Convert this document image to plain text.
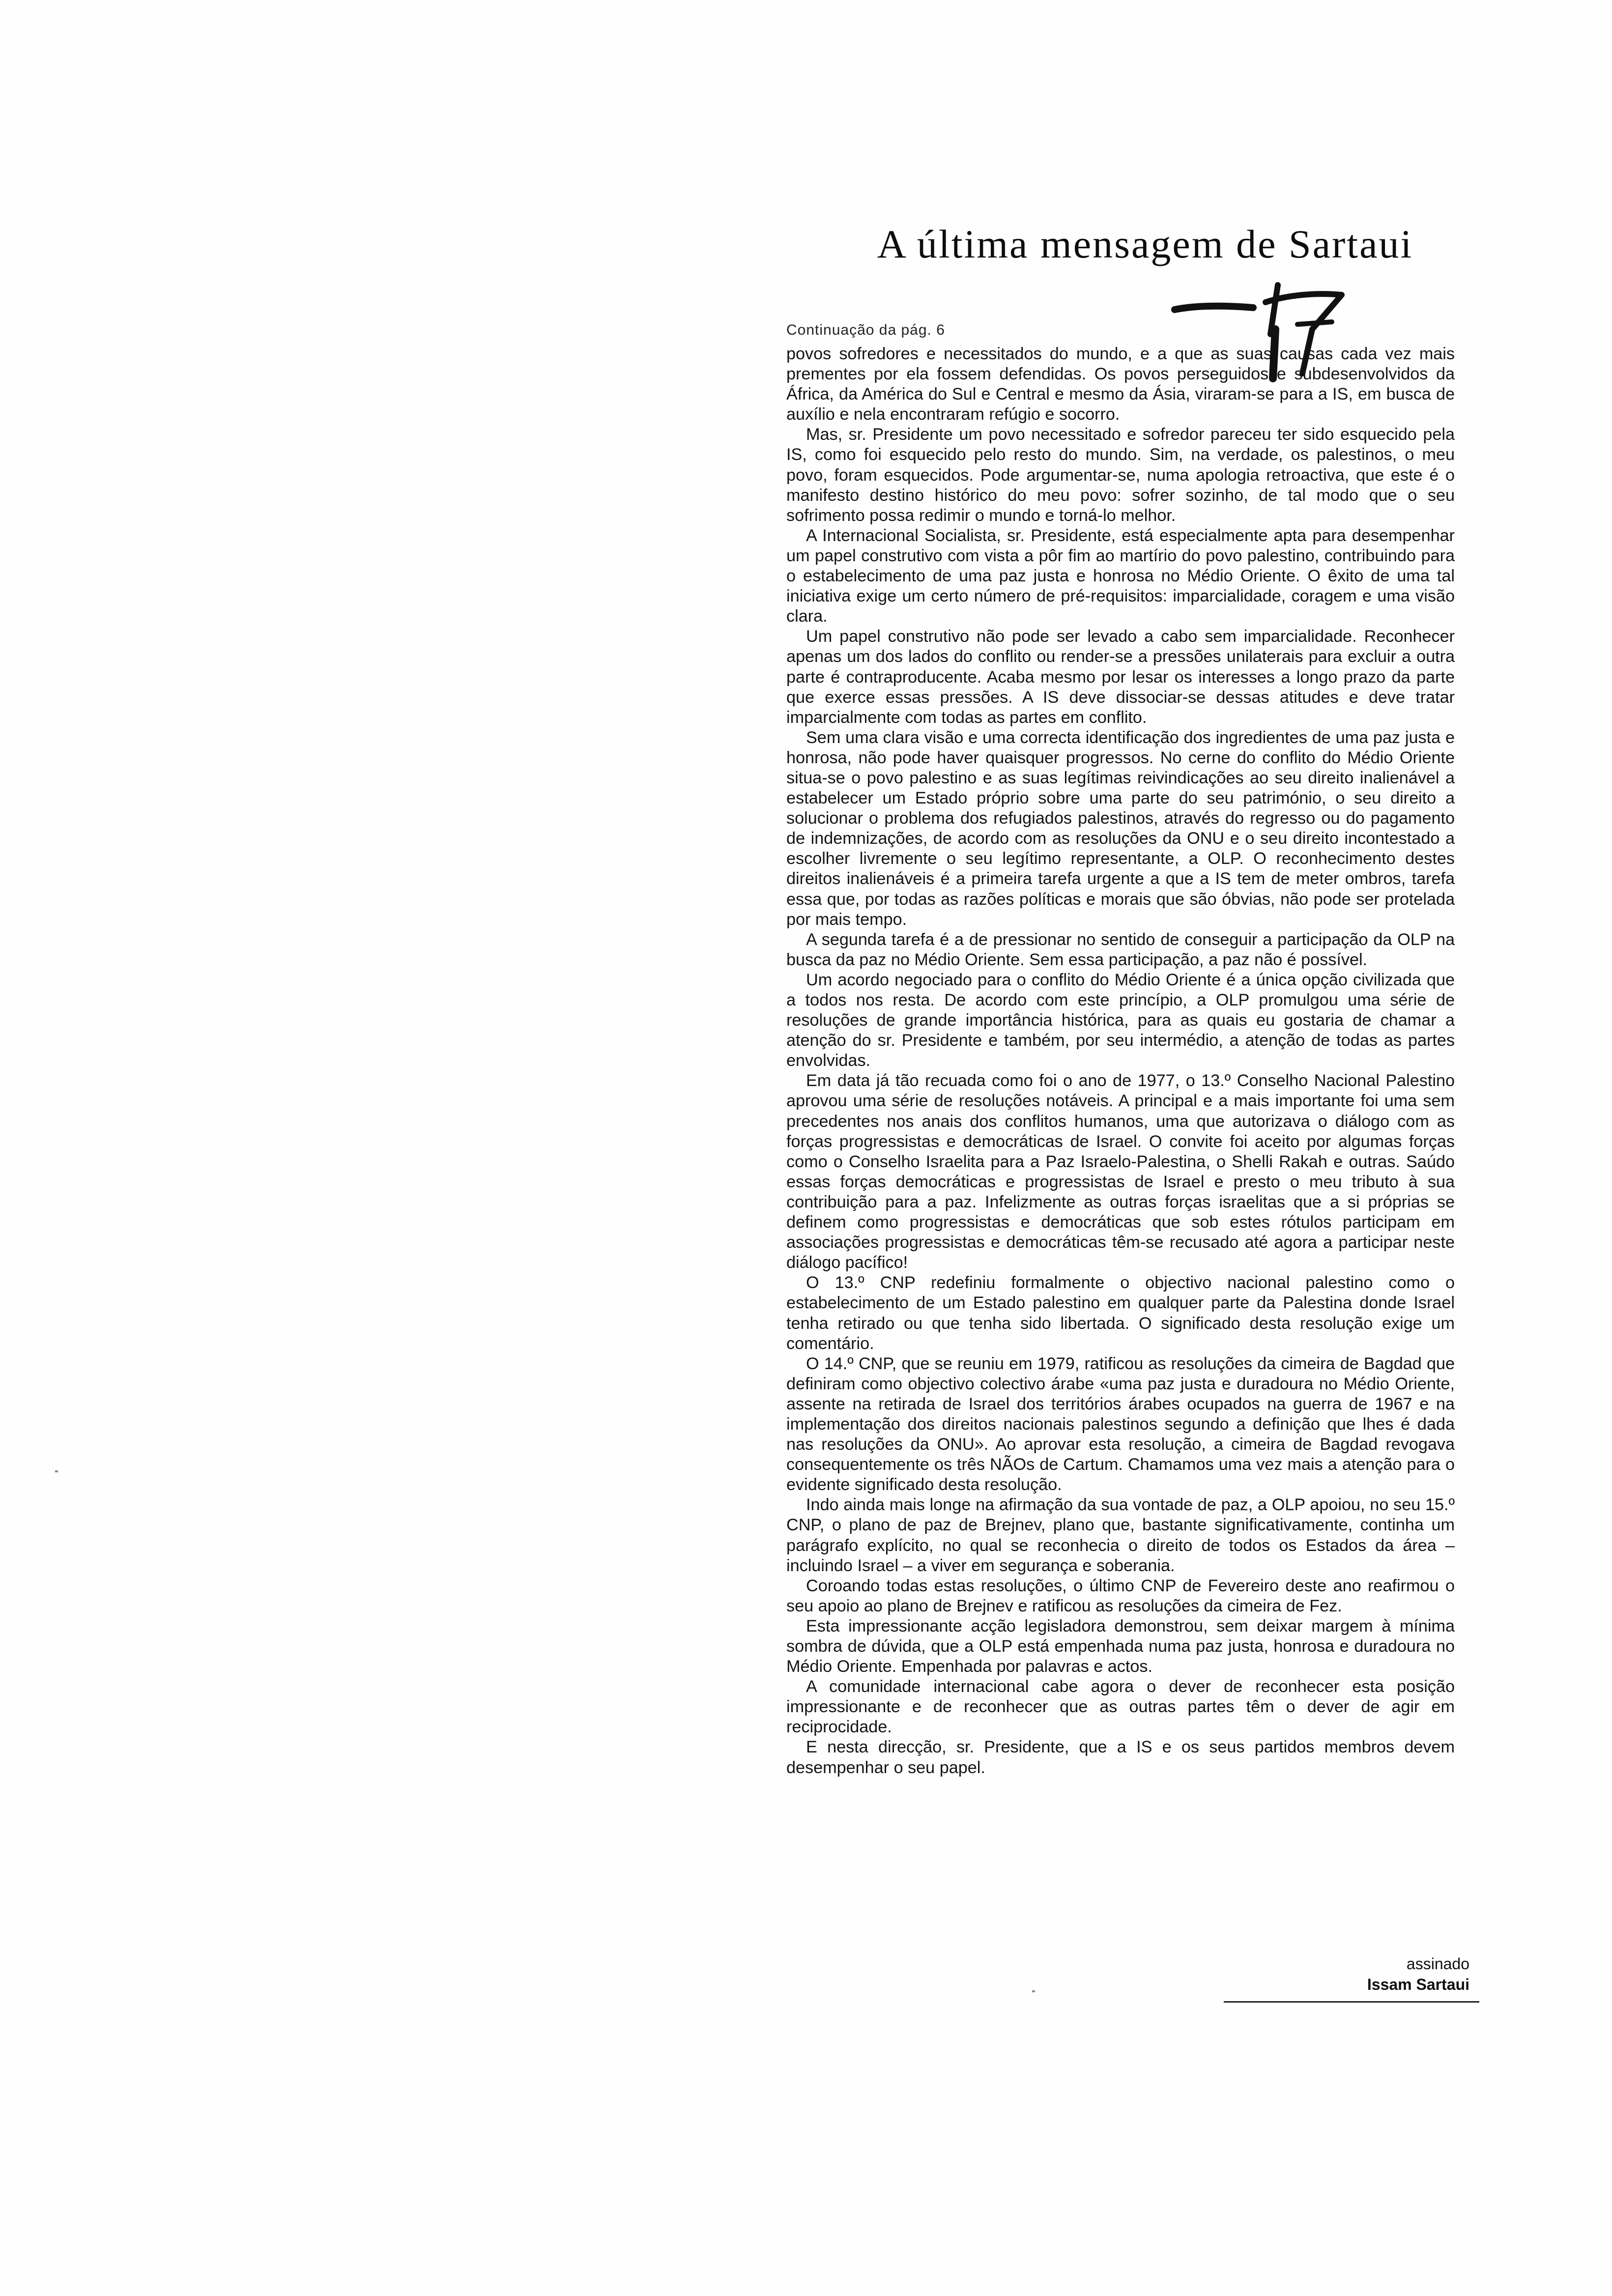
A última mensagem de Sartaui
Continuação da pág. 6

povos sofredores e necessitados do mundo, e a que as suas causas cada vez mais prementes por ela fossem defendidas. Os povos perseguidos e subdesenvolvidos da África, da América do Sul e Central e mesmo da Ásia, viraram-se para a IS, em busca de auxílio e nela encontraram refúgio e socorro.

Mas, sr. Presidente um povo necessitado e sofredor pareceu ter sido esquecido pela IS, como foi esquecido pelo resto do mundo. Sim, na verdade, os palestinos, o meu povo, foram esquecidos. Pode argumentar-se, numa apologia retroactiva, que este é o manifesto destino histórico do meu povo: sofrer sozinho, de tal modo que o seu sofrimento possa redimir o mundo e torná-lo melhor.

A Internacional Socialista, sr. Presidente, está especialmente apta para desempenhar um papel construtivo com vista a pôr fim ao martírio do povo palestino, contribuindo para o estabelecimento de uma paz justa e honrosa no Médio Oriente. O êxito de uma tal iniciativa exige um certo número de pré-requisitos: imparcialidade, coragem e uma visão clara.

Um papel construtivo não pode ser levado a cabo sem imparcialidade. Reconhecer apenas um dos lados do conflito ou render-se a pressões unilaterais para excluir a outra parte é contraproducente. Acaba mesmo por lesar os interesses a longo prazo da parte que exerce essas pressões. A IS deve dissociar-se dessas atitudes e deve tratar imparcialmente com todas as partes em conflito.

Sem uma clara visão e uma correcta identificação dos ingredientes de uma paz justa e honrosa, não pode haver quaisquer progressos. No cerne do conflito do Médio Oriente situa-se o povo palestino e as suas legítimas reivindicações ao seu direito inalienável a estabelecer um Estado próprio sobre uma parte do seu património, o seu direito a solucionar o problema dos refugiados palestinos, através do regresso ou do pagamento de indemnizações, de acordo com as resoluções da ONU e o seu direito incontestado a escolher livremente o seu legítimo representante, a OLP. O reconhecimento destes direitos inalienáveis é a primeira tarefa urgente a que a IS tem de meter ombros, tarefa essa que, por todas as razões políticas e morais que são óbvias, não pode ser protelada por mais tempo.

A segunda tarefa é a de pressionar no sentido de conseguir a participação da OLP na busca da paz no Médio Oriente. Sem essa participação, a paz não é possível.

Um acordo negociado para o conflito do Médio Oriente é a única opção civilizada que a todos nos resta. De acordo com este princípio, a OLP promulgou uma série de resoluções de grande importância histórica, para as quais eu gostaria de chamar a atenção do sr. Presidente e também, por seu intermédio, a atenção de todas as partes envolvidas.

Em data já tão recuada como foi o ano de 1977, o 13.º Conselho Nacional Palestino aprovou uma série de resoluções notáveis. A principal e a mais importante foi uma sem precedentes nos anais dos conflitos humanos, uma que autorizava o diálogo com as forças progressistas e democráticas de Israel. O convite foi aceito por algumas forças como o Conselho Israelita para a Paz Israelo-Palestina, o Shelli Rakah e outras. Saúdo essas forças democráticas e progressistas de Israel e presto o meu tributo à sua contribuição para a paz. Infelizmente as outras forças israelitas que a si próprias se definem como progressistas e democráticas que sob estes rótulos participam em associações progressistas e democráticas têm-se recusado até agora a participar neste diálogo pacífico!

O 13.º CNP redefiniu formalmente o objectivo nacional palestino como o estabelecimento de um Estado palestino em qualquer parte da Palestina donde Israel tenha retirado ou que tenha sido libertada. O significado desta resolução exige um comentário.

O 14.º CNP, que se reuniu em 1979, ratificou as resoluções da cimeira de Bagdad que definiram como objectivo colectivo árabe «uma paz justa e duradoura no Médio Oriente, assente na retirada de Israel dos territórios árabes ocupados na guerra de 1967 e na implementação dos direitos nacionais palestinos segundo a definição que lhes é dada nas resoluções da ONU». Ao aprovar esta resolução, a cimeira de Bagdad revogava consequentemente os três NÃOs de Cartum. Chamamos uma vez mais a atenção para o evidente significado desta resolução.

Indo ainda mais longe na afirmação da sua vontade de paz, a OLP apoiou, no seu 15.º CNP, o plano de paz de Brejnev, plano que, bastante significativamente, continha um parágrafo explícito, no qual se reconhecia o direito de todos os Estados da área – incluindo Israel – a viver em segurança e soberania.

Coroando todas estas resoluções, o último CNP de Fevereiro deste ano reafirmou o seu apoio ao plano de Brejnev e ratificou as resoluções da cimeira de Fez.

Esta impressionante acção legisladora demonstrou, sem deixar margem à mínima sombra de dúvida, que a OLP está empenhada numa paz justa, honrosa e duradoura no Médio Oriente. Empenhada por palavras e actos.

A comunidade internacional cabe agora o dever de reconhecer esta posição impressionante e de reconhecer que as outras partes têm o dever de agir em reciprocidade.

E nesta direcção, sr. Presidente, que a IS e os seus partidos membros devem desempenhar o seu papel.

assinado
Issam Sartaui
